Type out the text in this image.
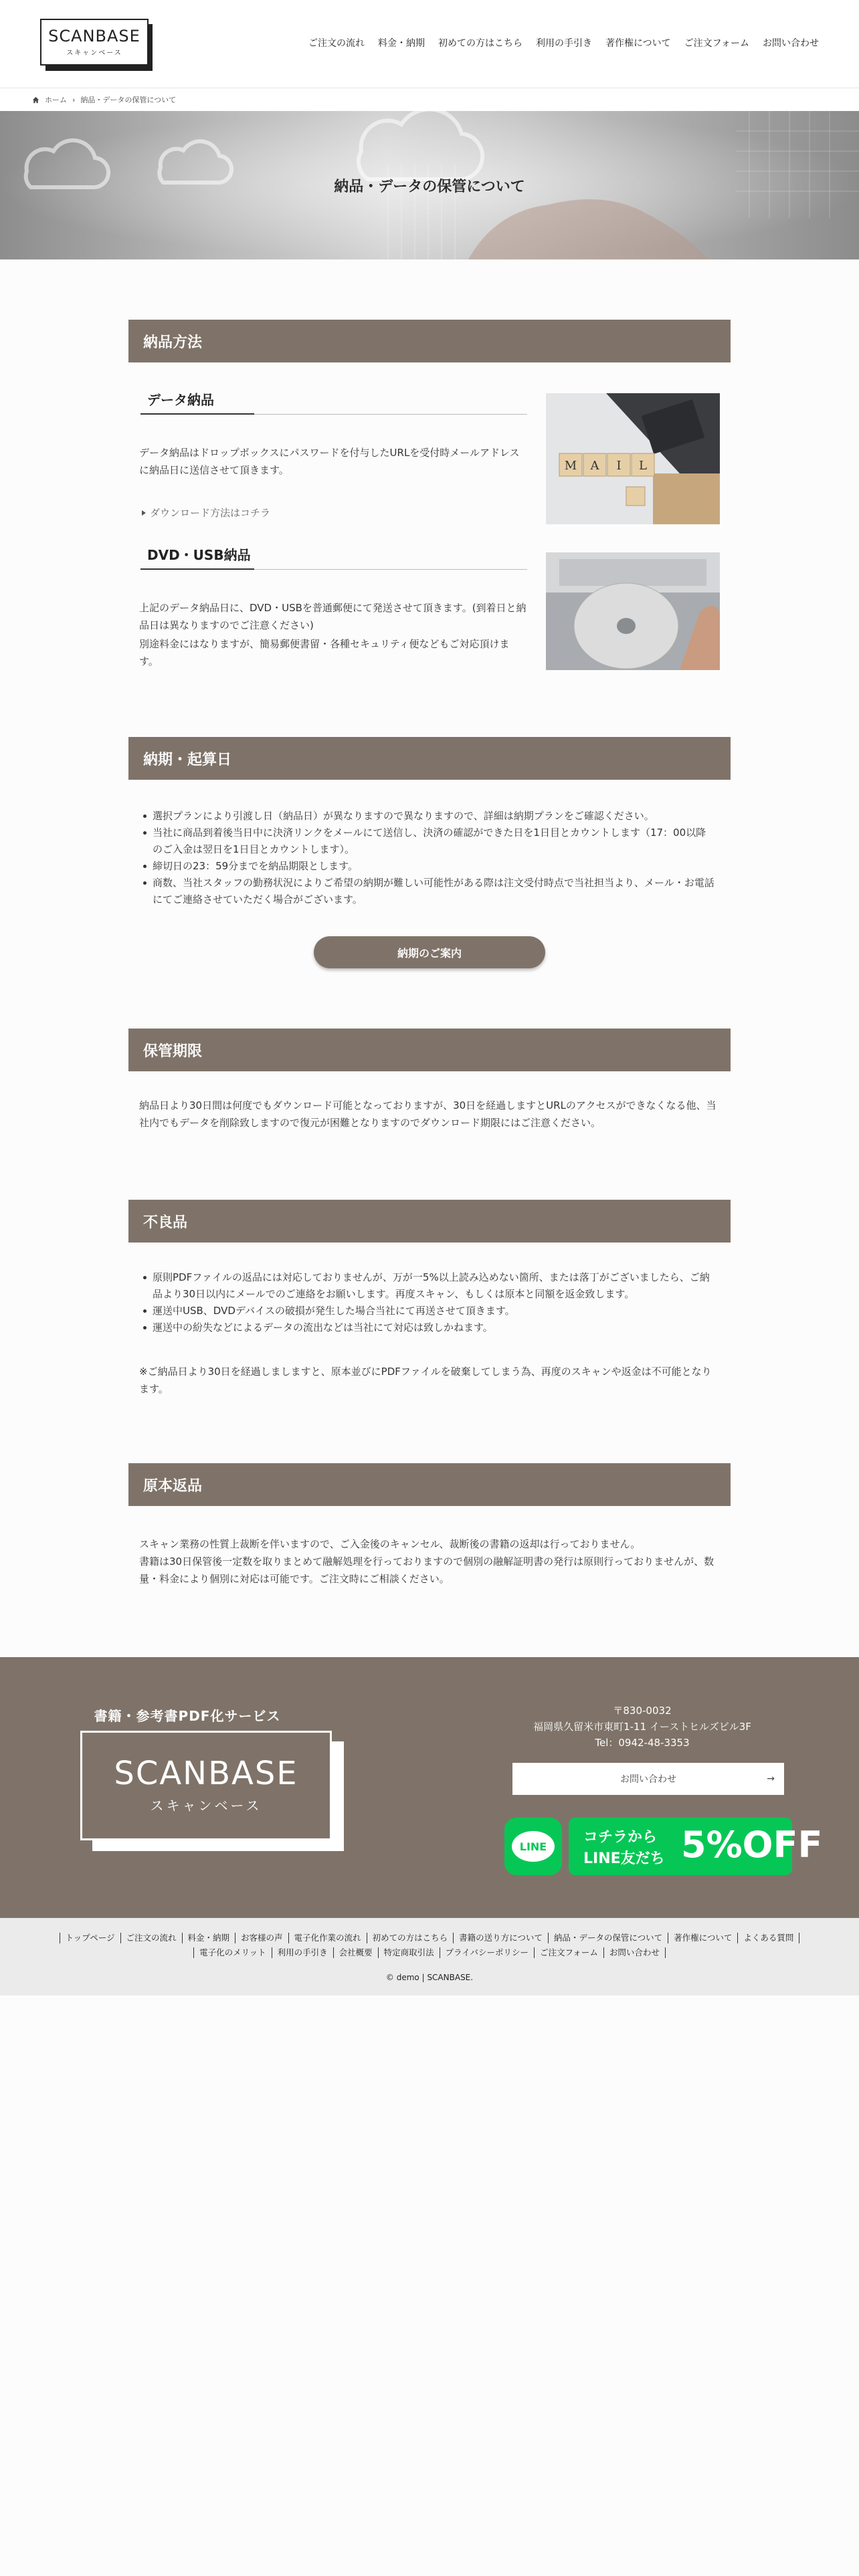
SCANBASE
スキャンベース
ご注文の流れ 料金・納期 初めての方はこちら 利用の手引き 著作権について ご注文フォーム お問い合わせ
ホーム › 納品・データの保管について
納品・データの保管について
納品方法
データ納品
データ納品はドロップボックスにパスワードを付与したURLを受付時メールアドレスに納品日に送信させて頂きます。
ダウンロード方法はコチラ
M A I L
DVD・USB納品
上記のデータ納品日に、DVD・USBを普通郵便にて発送させて頂きます。(到着日と納品日は異なりますのでご注意ください)
別途料金にはなりますが、簡易郵便書留・各種セキュリティ便などもご対応頂けます。
納期・起算日
選択プランにより引渡し日（納品日）が異なりますので異なりますので、詳細は納期プランをご確認ください。
当社に商品到着後当日中に決済リンクをメールにて送信し、決済の確認ができた日を1日目とカウントします（17：00以降のご入金は翌日を1日目とカウントします）。
締切日の23：59分までを納品期限とします。
商数、当社スタッフの勤務状況によりご希望の納期が難しい可能性がある際は注文受付時点で当社担当より、メール・お電話にてご連絡させていただく場合がございます。
納期のご案内
保管期限
納品日より30日間は何度でもダウンロード可能となっておりますが、30日を経過しますとURLのアクセスができなくなる他、当社内でもデータを削除致しますので復元が困難となりますのでダウンロード期限にはご注意ください。
不良品
原則PDFファイルの返品には対応しておりませんが、万が一5%以上読み込めない箇所、または落丁がございましたら、ご納品より30日以内にメールでのご連絡をお願いします。再度スキャン、もしくは原本と同額を返金致します。
運送中USB、DVDデバイスの破損が発生した場合当社にて再送させて頂きます。
運送中の紛失などによるデータの流出などは当社にて対応は致しかねます。
※ご納品日より30日を経過しましますと、原本並びにPDFファイルを破棄してしまう為、再度のスキャンや返金は不可能となります。
原本返品
スキャン業務の性質上裁断を伴いますので、ご入金後のキャンセル、裁断後の書籍の返却は行っておりません。
書籍は30日保管後一定数を取りまとめて融解処理を行っておりますので個別の融解証明書の発行は原則行っておりませんが、数量・料金により個別に対応は可能です。ご注文時にご相談ください。
書籍・参考書PDF化サービス
SCANBASE
スキャンベース
〒830-0032
福岡県久留米市東町1-11 イーストヒルズビル3F
Tel：0942-48-3353
お問い合わせ	→
LINE
コチラから
LINE友だち 5%OFF
トップページ	ご注文の流れ	料金・納期	お客様の声	電子化作業の流れ	初めての方はこちら	書籍の送り方について	納品・データの保管について	著作権について	よくある質問
電子化のメリット	利用の手引き	会社概要	特定商取引法	プライバシーポリシー	ご注文フォーム	お問い合わせ
© demo | SCANBASE.
